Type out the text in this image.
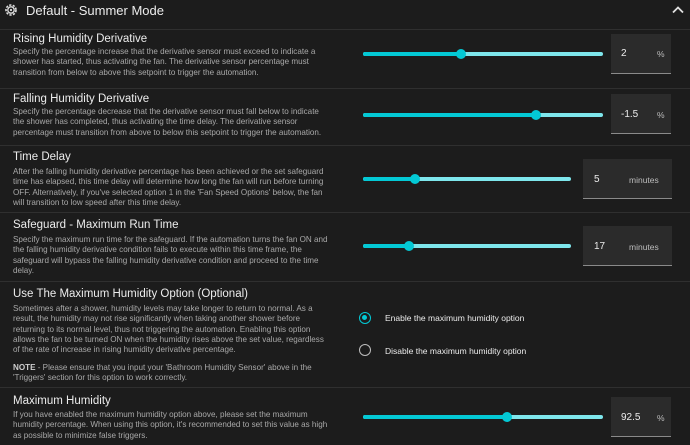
Default - Summer Mode
Rising Humidity Derivative
Specify the percentage increase that the derivative sensor must exceed to indicate a
shower has started, thus activating the fan. The derivative sensor percentage must
transition from below to above this setpoint to trigger the automation.
2	%
Falling Humidity Derivative
Specify the percentage decrease that the derivative sensor must fall below to indicate
the shower has completed, thus activating the time delay. The derivative sensor
percentage must transition from above to below this setpoint to trigger the automation.
-1.5 %
Time Delay
After the falling humidity derivative percentage has been achieved or the set safeguard
time has elapsed, this time delay will determine how long the fan will run before turning
OFF. Alternatively, if you've selected option 1 in the 'Fan Speed Options' below, the fan
will transition to low speed after this time delay.
5	minutes
Safeguard - Maximum Run Time
Specify the maximum run time for the safeguard. If the automation turns the fan ON and
the falling humidity derivative condition fails to execute within this time frame, the
safeguard will bypass the falling humidity derivative condition and proceed to the time
delay.
17	minutes
Use The Maximum Humidity Option (Optional)
Sometimes after a shower, humidity levels may take longer to return to normal. As a
result, the humidity may not rise significantly when taking another shower before
returning to its normal level, thus not triggering the automation. Enabling this option
allows the fan to be turned ON when the humidity rises above the set value, regardless
of the rate of increase in rising humidity derivative percentage.
NOTE - Please ensure that you input your 'Bathroom Humidity Sensor' above in the
'Triggers' section for this option to work correctly.
Enable the maximum humidity option
Disable the maximum humidity option
Maximum Humidity
If you have enabled the maximum humidity option above, please set the maximum
humidity percentage. When using this option, it's recommended to set this value as high
as possible to minimize false triggers.
92.5 %
